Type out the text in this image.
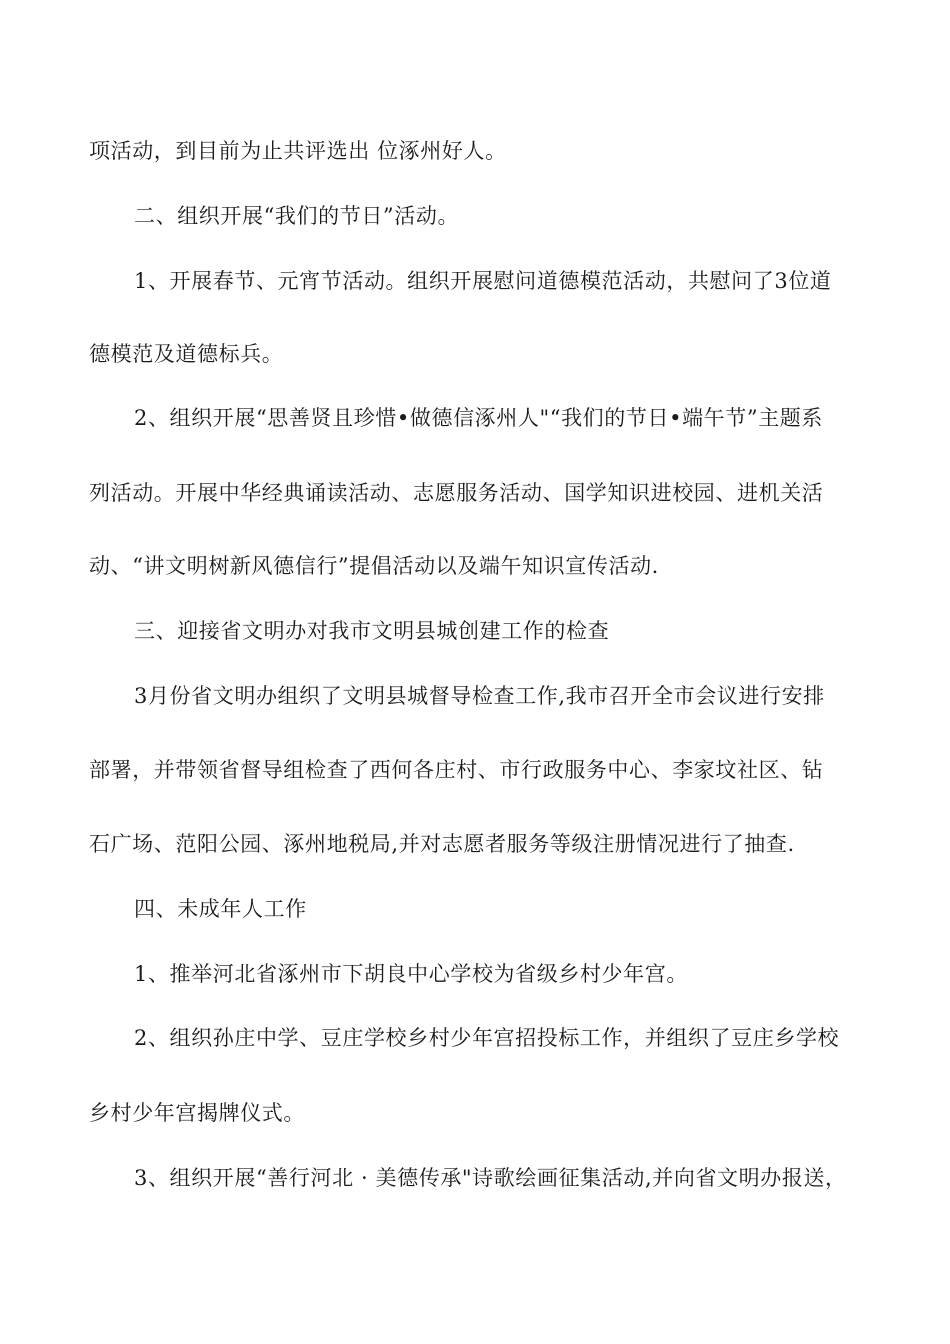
项活动，到目前为止共评选出 位涿州好人。
二、组织开展“我们的节日”活动。
1、开展春节、元宵节活动。组织开展慰问道德模范活动，共慰问了3位道
德模范及道德标兵。
2、组织开展“思善贤且珍惜•做德信涿州人"“我们的节日•端午节”主题系
列活动。开展中华经典诵读活动、志愿服务活动、国学知识进校园、进机关活
动、“讲文明树新风德信行”提倡活动以及端午知识宣传活动.
三、迎接省文明办对我市文明县城创建工作的检查
3月份省文明办组织了文明县城督导检查工作,我市召开全市会议进行安排
部署，并带领省督导组检查了西何各庄村、市行政服务中心、李家坟社区、钻
石广场、范阳公园、涿州地税局,并对志愿者服务等级注册情况进行了抽查.
四、未成年人工作
1、推举河北省涿州市下胡良中心学校为省级乡村少年宫。
2、组织孙庄中学、豆庄学校乡村少年宫招投标工作，并组织了豆庄乡学校
乡村少年宫揭牌仪式。
3、组织开展“善行河北 · 美德传承"诗歌绘画征集活动,并向省文明办报送，
